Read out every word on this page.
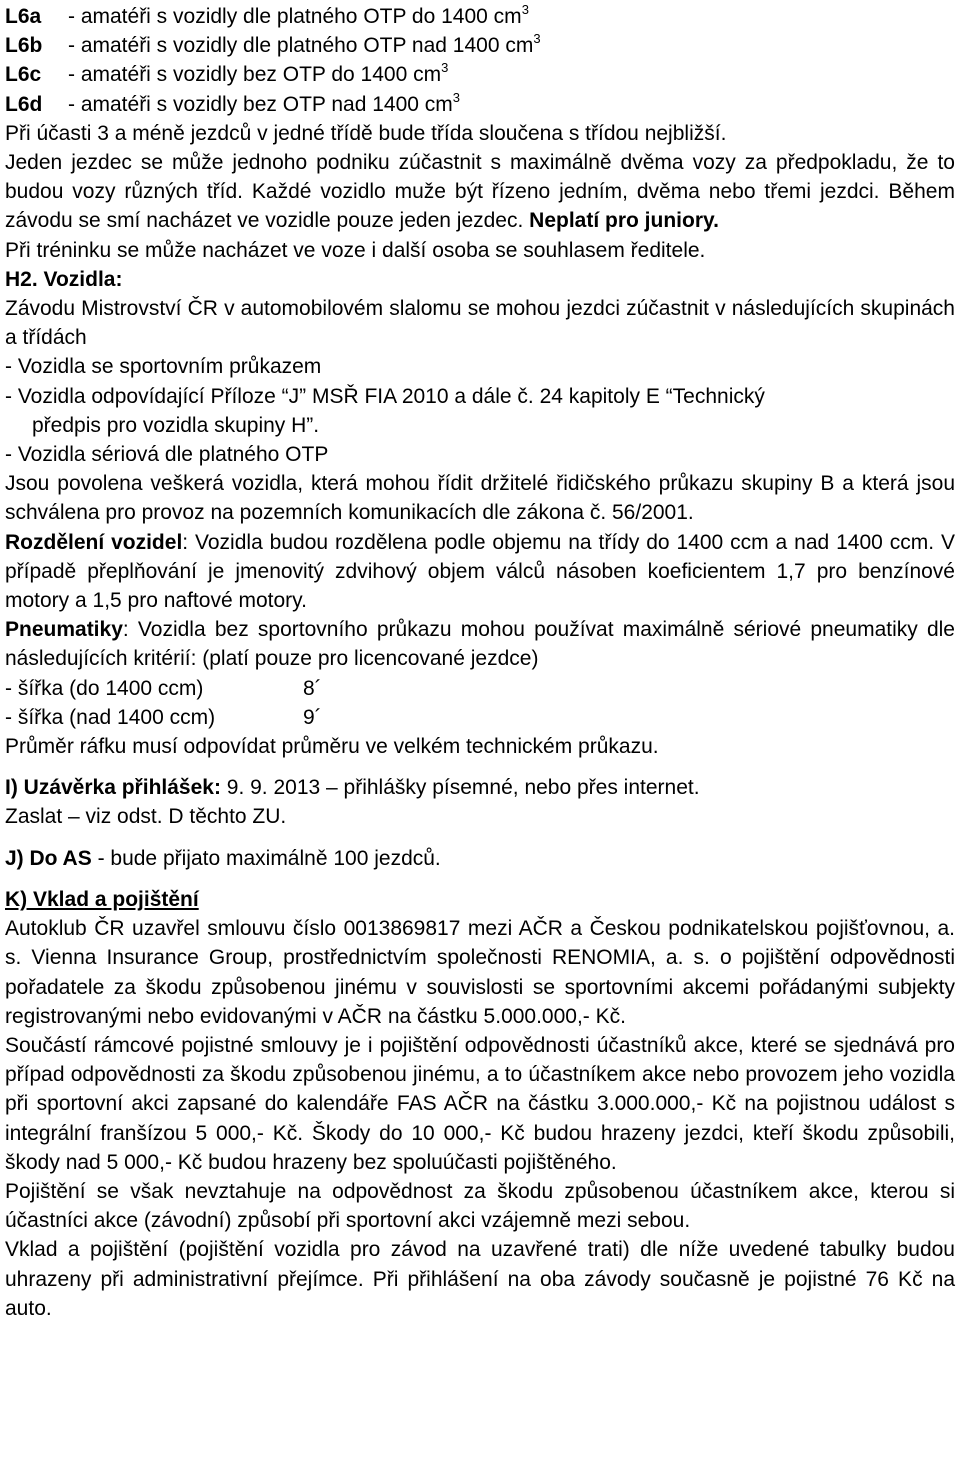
L6a	- amatéři s vozidly dle platného OTP do 1400 $cm^3$
L6b	- amatéři s vozidly dle platného OTP nad 1400 $cm^3$
L6c	- amatéři s vozidly bez OTP do 1400 $cm^3$
L6d	- amatéři s vozidly bez OTP nad 1400 $cm^3$

Při účasti 3 a méně jezdců v jedné třídě bude třída sloučena s třídou nejbližší.

Jeden jezdec se může jednoho podniku zúčastnit s maximálně dvěma vozy za předpokladu, že to budou vozy různých tříd. Každé vozidlo muže být řízeno jedním, dvěma nebo třemi jezdci. Během závodu se smí nacházet ve vozidle pouze jeden jezdec. Neplatí pro juniory.

Při tréninku se může nacházet ve voze i další osoba se souhlasem ředitele.

H2. Vozidla:

Závodu Mistrovství ČR v automobilovém slalomu se mohou jezdci zúčastnit v následujících skupinách a třídách

- Vozidla se sportovním průkazem

- Vozidla odpovídající Příloze “J” MSŘ FIA 2010 a dále č. 24 kapitoly E “Technický

předpis pro vozidla skupiny H”.

- Vozidla sériová dle platného OTP

Jsou povolena veškerá vozidla, která mohou řídit držitelé řidičského průkazu skupiny B a která jsou schválena pro provoz na pozemních komunikacích dle zákona č. 56/2001.

Rozdělení vozidel: Vozidla budou rozdělena podle objemu na třídy do 1400 ccm a nad 1400 ccm. V případě přeplňování je jmenovitý zdvihový objem válců násoben koeficientem 1,7 pro benzínové motory a 1,5 pro naftové motory.

Pneumatiky: Vozidla bez sportovního průkazu mohou používat maximálně sériové pneumatiky dle následujících kritérií: (platí pouze pro licencované jezdce)

- šířka (do 1400 ccm)	8´
- šířka (nad 1400 ccm)	9´

Průměr ráfku musí odpovídat průměru ve velkém technickém průkazu.

I) Uzávěrka přihlášek: 9. 9. 2013 – přihlášky písemné, nebo přes internet.

Zaslat – viz odst. D těchto ZU.

J) Do AS - bude přijato maximálně 100 jezdců.

K) Vklad a pojištění

Autoklub ČR uzavřel smlouvu číslo 0013869817 mezi AČR a Českou podnikatelskou pojišťovnou, a. s. Vienna Insurance Group, prostřednictvím společnosti RENOMIA, a. s. o pojištění odpovědnosti pořadatele za škodu způsobenou jinému v souvislosti se sportovními akcemi pořádanými subjekty registrovanými nebo evidovanými v AČR na částku 5.000.000,- Kč.

Součástí rámcové pojistné smlouvy je i pojištění odpovědnosti účastníků akce, které se sjednává pro případ odpovědnosti za škodu způsobenou jinému, a to účastníkem akce nebo provozem jeho vozidla při sportovní akci zapsané do kalendáře FAS AČR na částku 3.000.000,- Kč na pojistnou událost s integrální franšízou 5 000,- Kč. Škody do 10 000,- Kč budou hrazeny jezdci, kteří škodu způsobili, škody nad 5 000,- Kč budou hrazeny bez spoluúčasti pojištěného.

Pojištění se však nevztahuje na odpovědnost za škodu způsobenou účastníkem akce, kterou si účastníci akce (závodní) způsobí při sportovní akci vzájemně mezi sebou.

Vklad a pojištění (pojištění vozidla pro závod na uzavřené trati) dle níže uvedené tabulky budou uhrazeny při administrativní přejímce. Při přihlášení na oba závody současně je pojistné 76 Kč na auto.
